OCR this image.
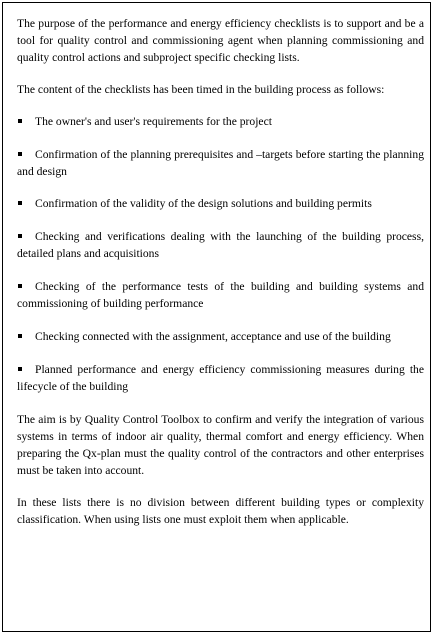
The purpose of the performance and energy efficiency checklists is to support and be a tool for quality control and commissioning agent when planning commissioning and quality control actions and subproject specific checking lists.

The content of the checklists has been timed in the building process as follows:

The owner's and user's requirements for the project

Confirmation of the planning prerequisites and –targets before starting the planning and design

Confirmation of the validity of the design solutions and building permits

Checking and verifications dealing with the launching of the building process, detailed plans and acquisitions

Checking of the performance tests of the building and building systems and commissioning of building performance

Checking connected with the assignment, acceptance and use of the building

Planned performance and energy efficiency commissioning measures during the lifecycle of the building

The aim is by Quality Control Toolbox to confirm and verify the integration of various systems in terms of indoor air quality, thermal comfort and energy efficiency. When preparing the Qx-plan must the quality control of the contractors and other enterprises must be taken into account.

In these lists there is no division between different building types or complexity classification. When using lists one must exploit them when applicable.
